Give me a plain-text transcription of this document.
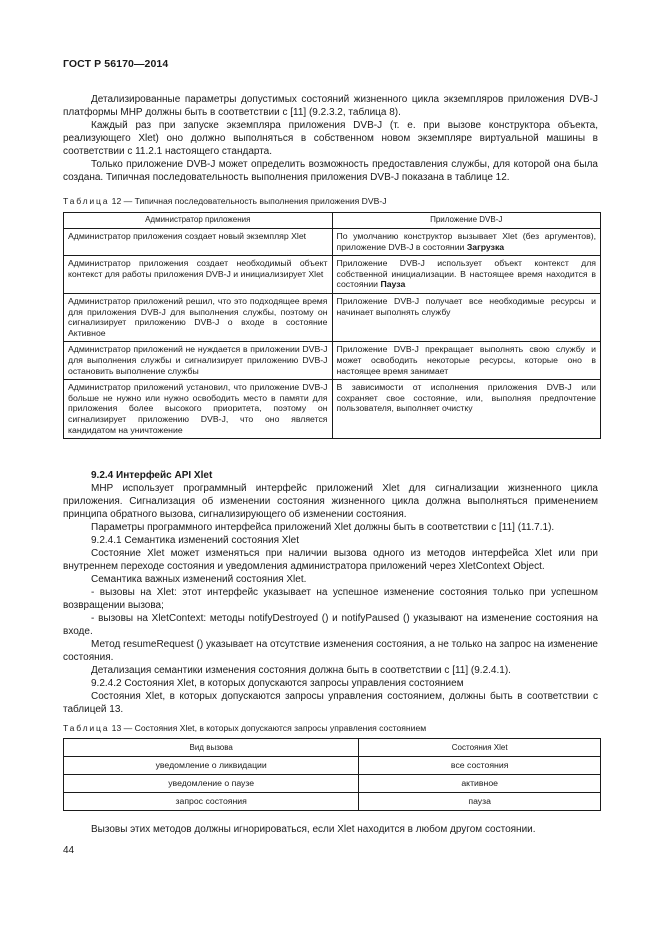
ГОСТ Р 56170—2014

Детализированные параметры допустимых состояний жизненного цикла экземпляров приложения DVB-J платформы МНР должны быть в соответствии с [11] (9.2.3.2, таблица 8).

Каждый раз при запуске экземпляра приложения DVB-J (т. е. при вызове конструктора объекта, реализующего Xlet) оно должно выполняться в собственном новом экземпляре виртуальной машины в соответствии с 11.2.1 настоящего стандарта.

Только приложение DVB-J может определить возможность предоставления службы, для которой она была создана. Типичная последовательность выполнения приложения DVB-J показана в таблице 12.

Таблица 12 — Типичная последовательность выполнения приложения DVB-J
Администратор приложения	Приложение DVB-J
Администратор приложения создает новый экземпляр Xlet	По умолчанию конструктор вызывает Xlet (без аргументов), приложение DVB-J в состоянии Загрузка
Администратор приложения создает необходимый объект контекст для работы приложения DVB-J и инициализирует Xlet	Приложение DVB-J использует объект контекст для собственной инициализации. В настоящее время находится в состоянии Пауза
Администратор приложений решил, что это подходящее время для приложения DVB-J для выполнения службы, поэтому он сигнализирует приложению DVB-J о входе в состояние Активное	Приложение DVB-J получает все необходимые ресурсы и начинает выполнять службу
Администратор приложений не нуждается в приложении DVB-J для выполнения службы и сигнализирует приложению DVB-J остановить выполнение службы	Приложение DVB-J прекращает выполнять свою службу и может освободить некоторые ресурсы, которые оно в настоящее время занимает
Администратор приложений установил, что приложение DVB-J больше не нужно или нужно освободить место в памяти для приложения более высокого приоритета, поэтому он сигнализирует приложению DVB-J, что оно является кандидатом на уничтожение	В зависимости от исполнения приложения DVB-J или сохраняет свое состояние, или, выполняя предпочтение пользователя, выполняет очистку

9.2.4 Интерфейс API Xlet

МНР использует программный интерфейс приложений Xlet для сигнализации жизненного цикла приложения. Сигнализация об изменении состояния жизненного цикла должна выполняться применением принципа обратного вызова, сигнализирующего об изменении состояния.

Параметры программного интерфейса приложений Xlet должны быть в соответствии с [11] (11.7.1).

9.2.4.1 Семантика изменений состояния Xlet

Состояние Xlet может изменяться при наличии вызова одного из методов интерфейса Xlet или при внутреннем переходе состояния и уведомления администратора приложений через XletContext Object.

Семантика важных изменений состояния Xlet.

- вызовы на Xlet: этот интерфейс указывает на успешное изменение состояния только при успешном возвращении вызова;

- вызовы на XletContext: методы notifyDestroyed () и notifyPaused () указывают на изменение состояния на входе.

Метод resumeRequest () указывает на отсутствие изменения состояния, а не только на запрос на изменение состояния.

Детализация семантики изменения состояния должна быть в соответствии с [11] (9.2.4.1).

9.2.4.2 Состояния Xlet, в которых допускаются запросы управления состоянием

Состояния Xlet, в которых допускаются запросы управления состоянием, должны быть в соответствии с таблицей 13.

Таблица 13 — Состояния Xlet, в которых допускаются запросы управления состоянием
Вид вызова	Состояния Xlet
уведомление о ликвидации	все состояния
уведомление о паузе	активное
запрос состояния	пауза

Вызовы этих методов должны игнорироваться, если Xlet находится в любом другом состоянии.

44
